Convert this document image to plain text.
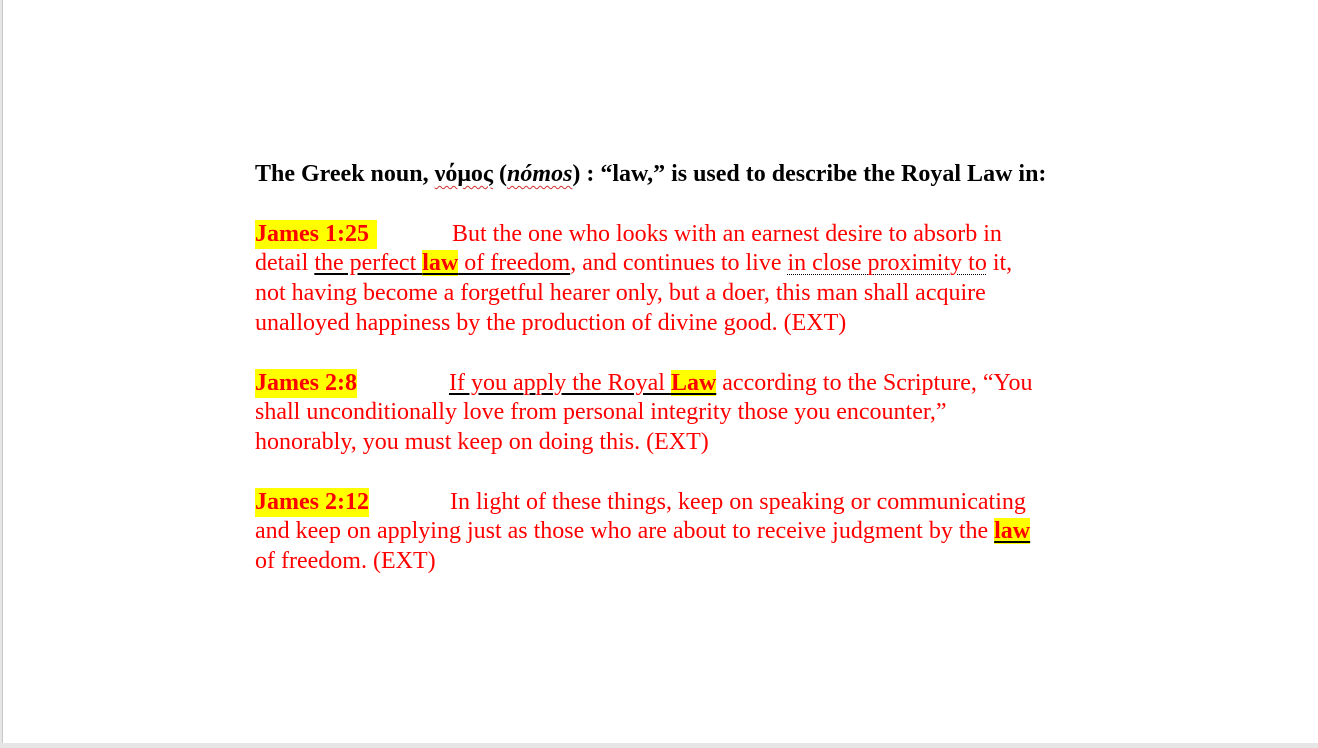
The Greek noun, νόμος (nómos) : “law,” is used to describe the Royal Law in:

James 1:25	But the one who looks with an earnest desire to absorb in detail the perfect law of freedom, and continues to live in close proximity to it, not having become a forgetful hearer only, but a doer, this man shall acquire unalloyed happiness by the production of divine good. (EXT)

James 2:8	If you apply the Royal Law according to the Scripture, “You shall unconditionally love from personal integrity those you encounter,” honorably, you must keep on doing this. (EXT)

James 2:12	In light of these things, keep on speaking or communicating and keep on applying just as those who are about to receive judgment by the law of freedom. (EXT)
